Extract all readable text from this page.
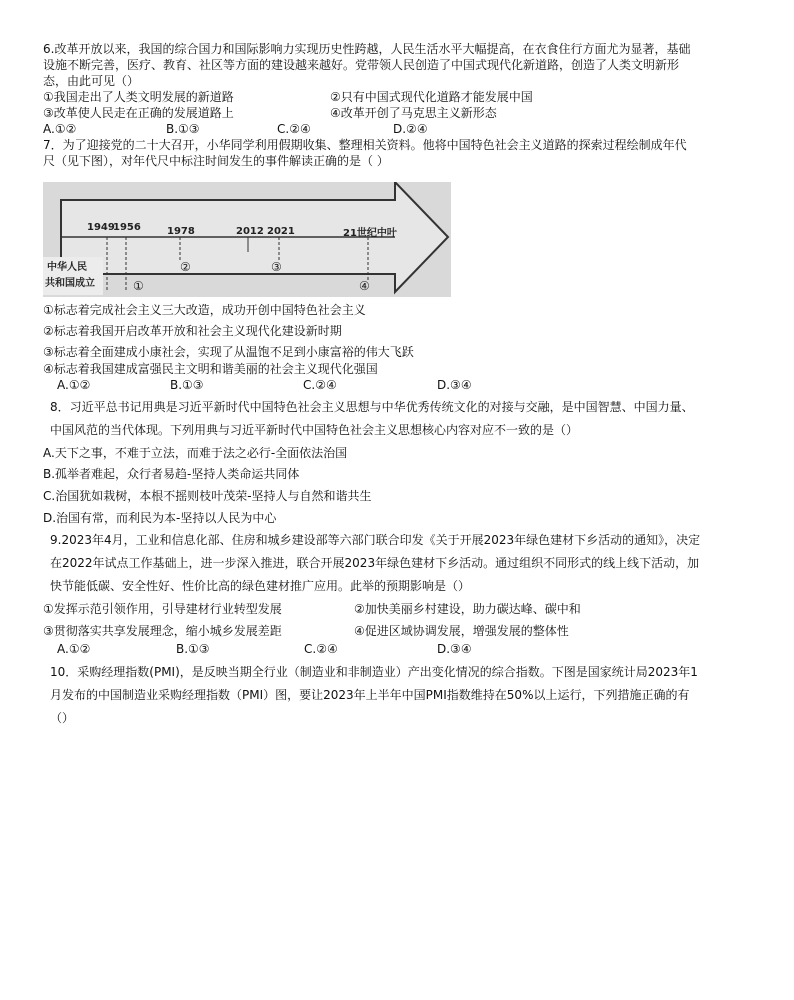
6.改革开放以来，我国的综合国力和国际影响力实现历史性跨越，人民生活水平大幅提高，在衣食住行方面尤为显著，基础
设施不断完善，医疗、教育、社区等方面的建设越来越好。党带领人民创造了中国式现代化新道路，创造了人类文明新形
态，由此可见（）
①我国走出了人类文明发展的新道路	②只有中国式现代化道路才能发展中国
③改革使人民走在正确的发展道路上	④改革开创了马克思主义新形态
A.①②	B.①③	C.②④	D.②④
7．为了迎接党的二十大召开，小华同学利用假期收集、整理相关资料。他将中国特色社会主义道路的探索过程绘制成年代
尺（见下图），对年代尺中标注时间发生的事件解读正确的是（ ）
1949
1956	1978	2012 2021	21世纪中叶
中华人民
共和国成立	①
②	③
④
①标志着完成社会主义三大改造，成功开创中国特色社会主义
②标志着我国开启改革开放和社会主义现代化建设新时期
③标志着全面建成小康社会，实现了从温饱不足到小康富裕的伟大飞跃
④标志着我国建成富强民主文明和谐美丽的社会主义现代化强国
A.①②	B.①③	C.②④	D.③④
8．习近平总书记用典是习近平新时代中国特色社会主义思想与中华优秀传统文化的对接与交融，是中国智慧、中国力量、
中国风范的当代体现。下列用典与习近平新时代中国特色社会主义思想核心内容对应不一致的是（）
A.天下之事，不难于立法，而难于法之必行-全面依法治国
B.孤举者难起，众行者易趋-坚持人类命运共同体
C.治国犹如栽树，本根不摇则枝叶茂荣-坚持人与自然和谐共生
D.治国有常，而利民为本-坚持以人民为中心
9.2023年4月，工业和信息化部、住房和城乡建设部等六部门联合印发《关于开展2023年绿色建材下乡活动的通知》，决定
在2022年试点工作基础上，进一步深入推进，联合开展2023年绿色建材下乡活动。通过组织不同形式的线上线下活动，加
快节能低碳、安全性好、性价比高的绿色建材推广应用。此举的预期影响是（）
①发挥示范引领作用，引导建材行业转型发展	②加快美丽乡村建设，助力碳达峰、碳中和
③贯彻落实共享发展理念，缩小城乡发展差距	④促进区域协调发展，增强发展的整体性
A.①②	B.①③	C.②④	D.③④
10．采购经理指数(PMI)，是反映当期全行业（制造业和非制造业）产出变化情况的综合指数。下图是国家统计局2023年1
月发布的中国制造业采购经理指数（PMI）图，要让2023年上半年中国PMI指数维持在50%以上运行，下列措施正确的有
（）
